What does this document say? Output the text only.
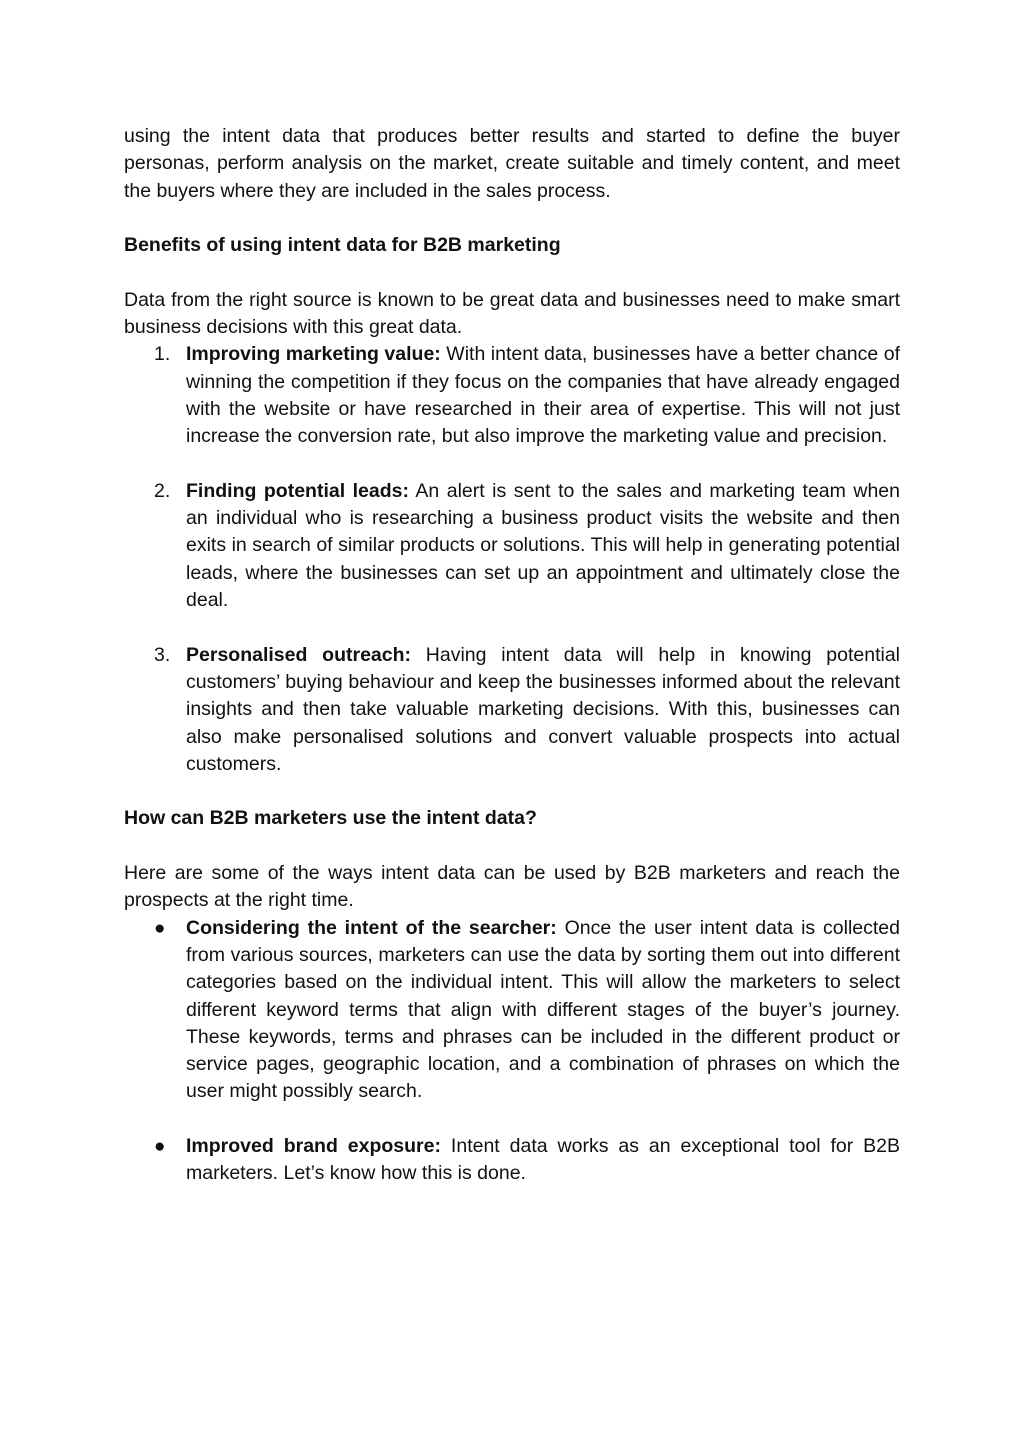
using the intent data that produces better results and started to define the buyer personas, perform analysis on the market, create suitable and timely content, and meet the buyers where they are included in the sales process.

Benefits of using intent data for B2B marketing

Data from the right source is known to be great data and businesses need to make smart business decisions with this great data.

1. Improving marketing value: With intent data, businesses have a better chance of winning the competition if they focus on the companies that have already engaged with the website or have researched in their area of expertise. This will not just increase the conversion rate, but also improve the marketing value and precision.
2. Finding potential leads: An alert is sent to the sales and marketing team when an individual who is researching a business product visits the website and then exits in search of similar products or solutions. This will help in generating potential leads, where the businesses can set up an appointment and ultimately close the deal.
3. Personalised outreach: Having intent data will help in knowing potential customers’ buying behaviour and keep the businesses informed about the relevant insights and then take valuable marketing decisions. With this, businesses can also make personalised solutions and convert valuable prospects into actual customers.

How can B2B marketers use the intent data?

Here are some of the ways intent data can be used by B2B marketers and reach the prospects at the right time.

●	Considering the intent of the searcher: Once the user intent data is collected from various sources, marketers can use the data by sorting them out into different categories based on the individual intent. This will allow the marketers to select different keyword terms that align with different stages of the buyer’s journey. These keywords, terms and phrases can be included in the different product or service pages, geographic location, and a combination of phrases on which the user might possibly search.
●	Improved brand exposure: Intent data works as an exceptional tool for B2B marketers. Let’s know how this is done.
